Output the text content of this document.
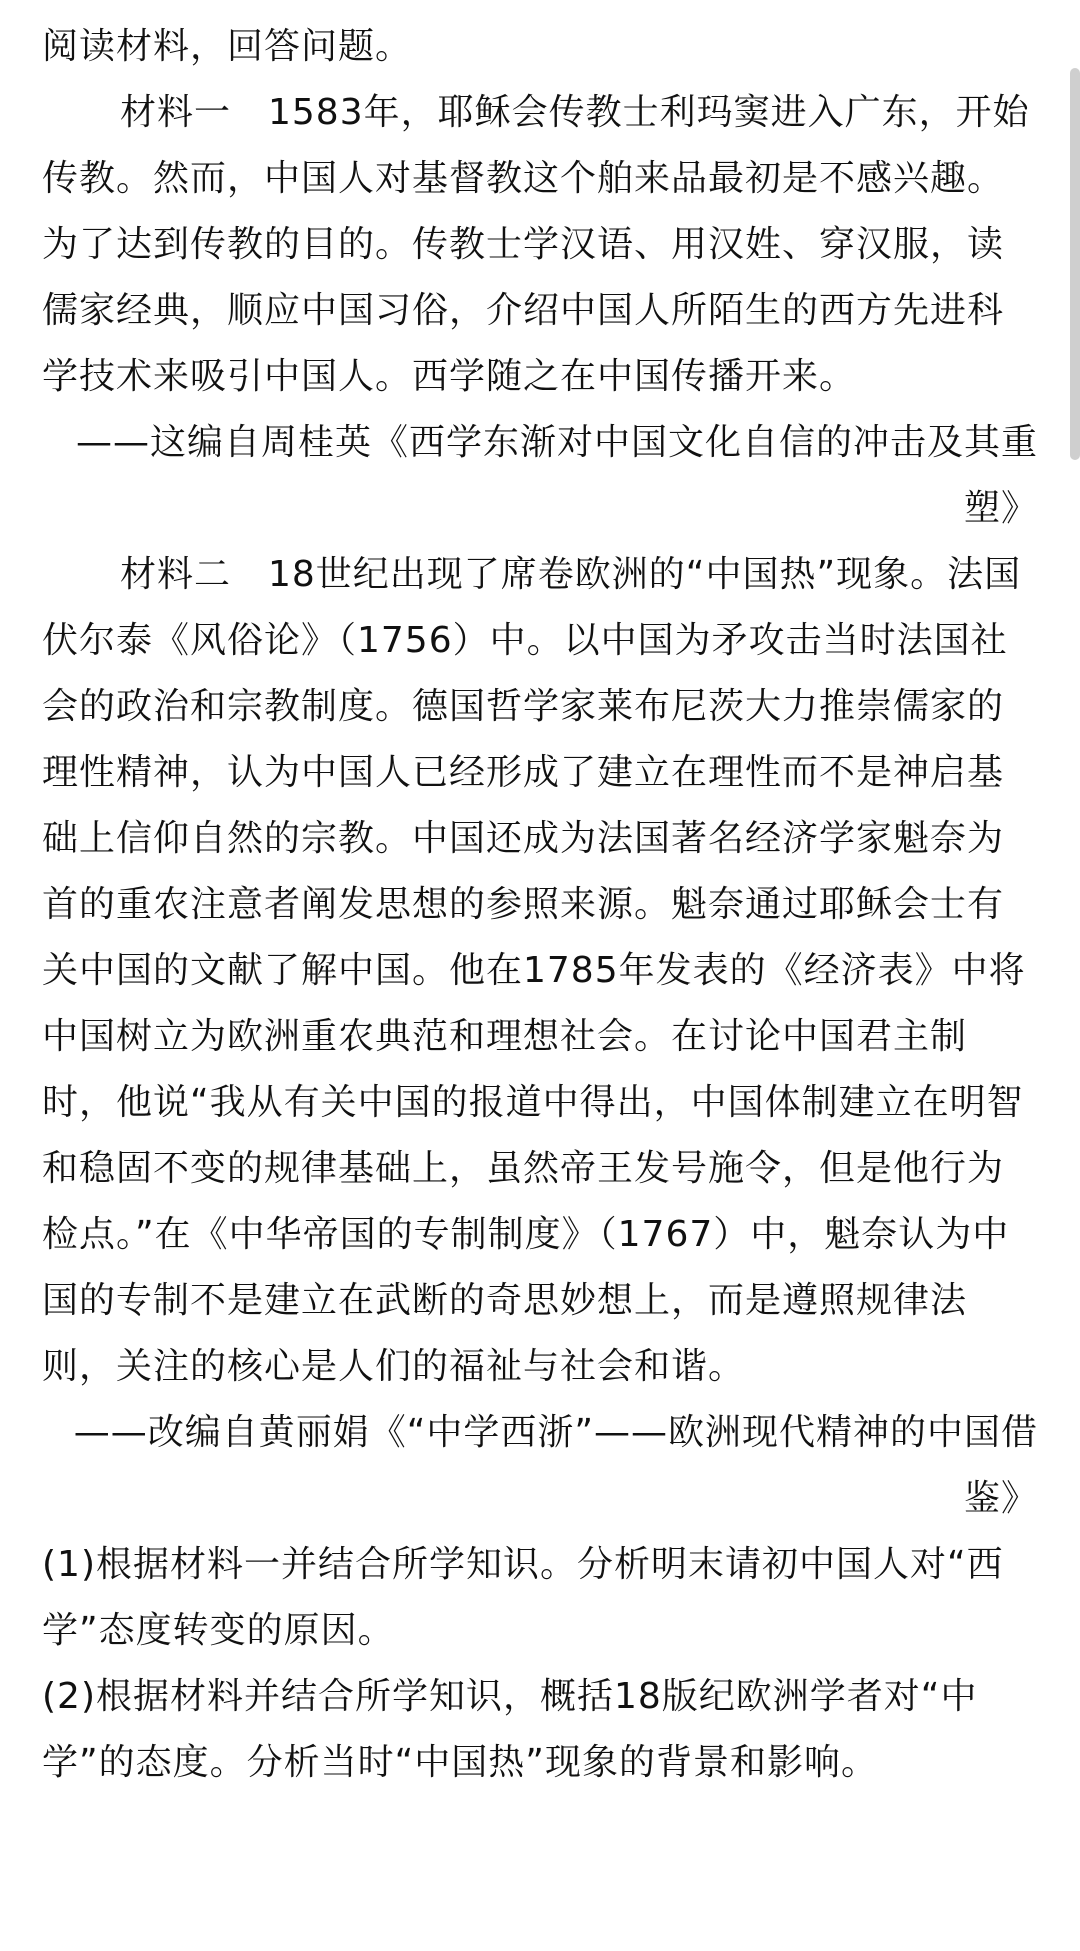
阅读材料，回答问题。

材料一　1583年，耶稣会传教士利玛窦进入广东，开始传教。然而，中国人对基督教这个舶来品最初是不感兴趣。为了达到传教的目的。传教士学汉语、用汉姓、穿汉服，读儒家经典，顺应中国习俗，介绍中国人所陌生的西方先进科学技术来吸引中国人。西学随之在中国传播开来。

——这编自周桂英《西学东渐对中国文化自信的冲击及其重塑》

材料二　18世纪出现了席卷欧洲的“中国热”现象。法国伏尔泰《风俗论》（1756）中。以中国为矛攻击当时法国社会的政治和宗教制度。德国哲学家莱布尼茨大力推崇儒家的理性精神，认为中国人已经形成了建立在理性而不是神启基础上信仰自然的宗教。中国还成为法国著名经济学家魁奈为首的重农注意者阐发思想的参照来源。魁奈通过耶稣会士有关中国的文献了解中国。他在1785年发表的《经济表》中将中国树立为欧洲重农典范和理想社会。在讨论中国君主制时，他说“我从有关中国的报道中得出，中国体制建立在明智和稳固不变的规律基础上，虽然帝王发号施令，但是他行为检点。”在《中华帝国的专制制度》（1767）中，魁奈认为中国的专制不是建立在武断的奇思妙想上，而是遵照规律法则，关注的核心是人们的福祉与社会和谐。

——改编自黄丽娟《“中学西浙”——欧洲现代精神的中国借鉴》

(1)根据材料一并结合所学知识。分析明末请初中国人对“西学”态度转变的原因。

(2)根据材料并结合所学知识，概括18版纪欧洲学者对“中学”的态度。分析当时“中国热”现象的背景和影响。
